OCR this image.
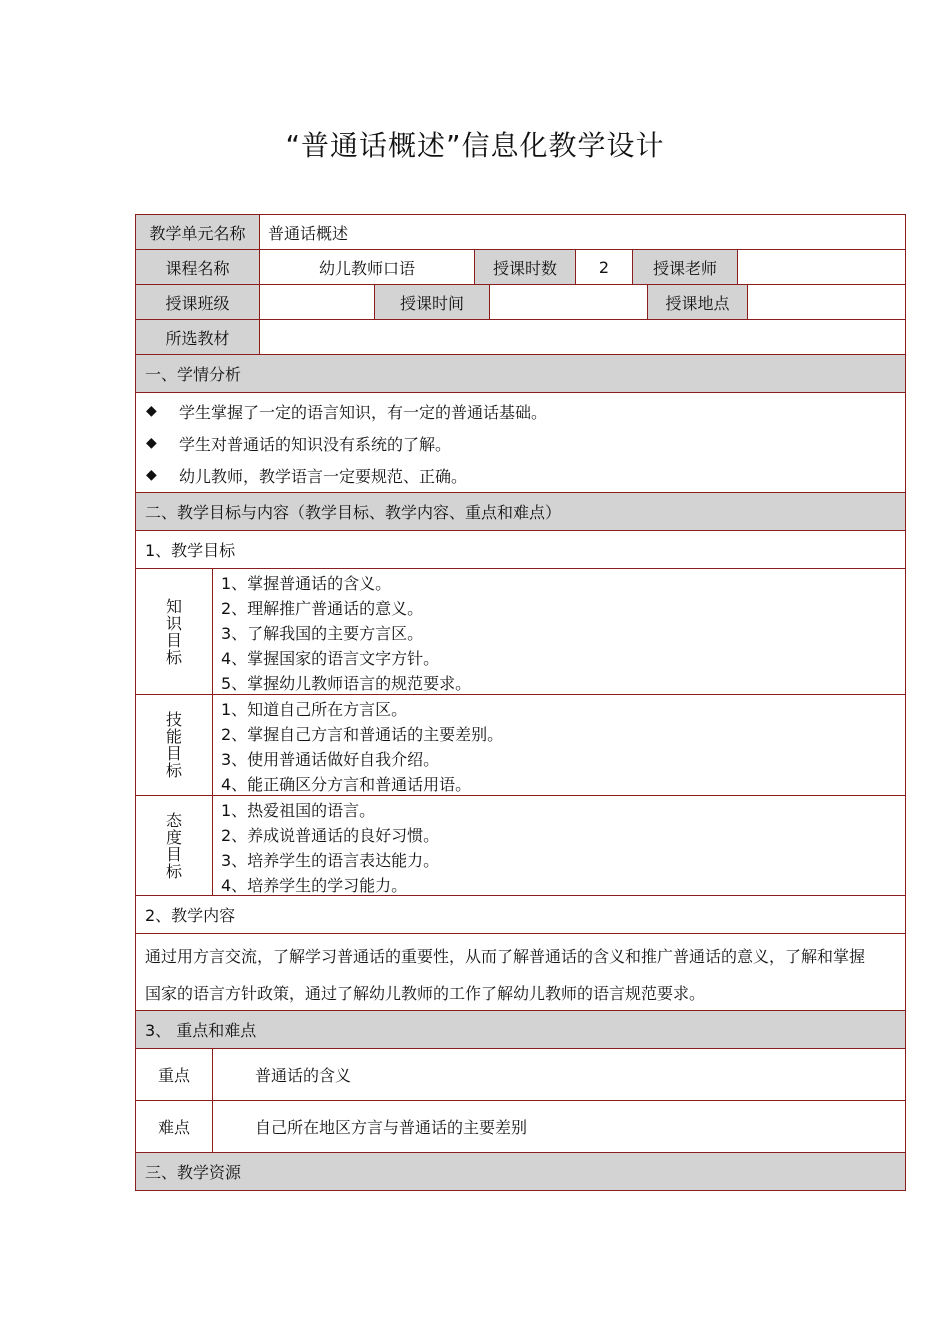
“普通话概述”信息化教学设计
教学单元名称	普通话概述
课程名称	幼儿教师口语	授课时数	2	授课老师
授课班级	授课时间	授课地点
所选教材
一、学情分析
◆	学生掌握了一定的语言知识，有一定的普通话基础。
◆	学生对普通话的知识没有系统的了解。
◆	幼儿教师，教学语言一定要规范、正确。
二、教学目标与内容（教学目标、教学内容、重点和难点）
1、教学目标
知识目标
1、掌握普通话的含义。
2、理解推广普通话的意义。
3、了解我国的主要方言区。
4、掌握国家的语言文字方针。
5、掌握幼儿教师语言的规范要求。
技能目标
1、知道自己所在方言区。
2、掌握自己方言和普通话的主要差别。
3、使用普通话做好自我介绍。
4、能正确区分方言和普通话用语。
态度目标
1、热爱祖国的语言。
2、养成说普通话的良好习惯。
3、培养学生的语言表达能力。
4、培养学生的学习能力。
2、教学内容
通过用方言交流，了解学习普通话的重要性，从而了解普通话的含义和推广普通话的意义，了解和掌握
国家的语言方针政策，通过了解幼儿教师的工作了解幼儿教师的语言规范要求。
3、 重点和难点
重点	普通话的含义
难点	自己所在地区方言与普通话的主要差别
三、教学资源
